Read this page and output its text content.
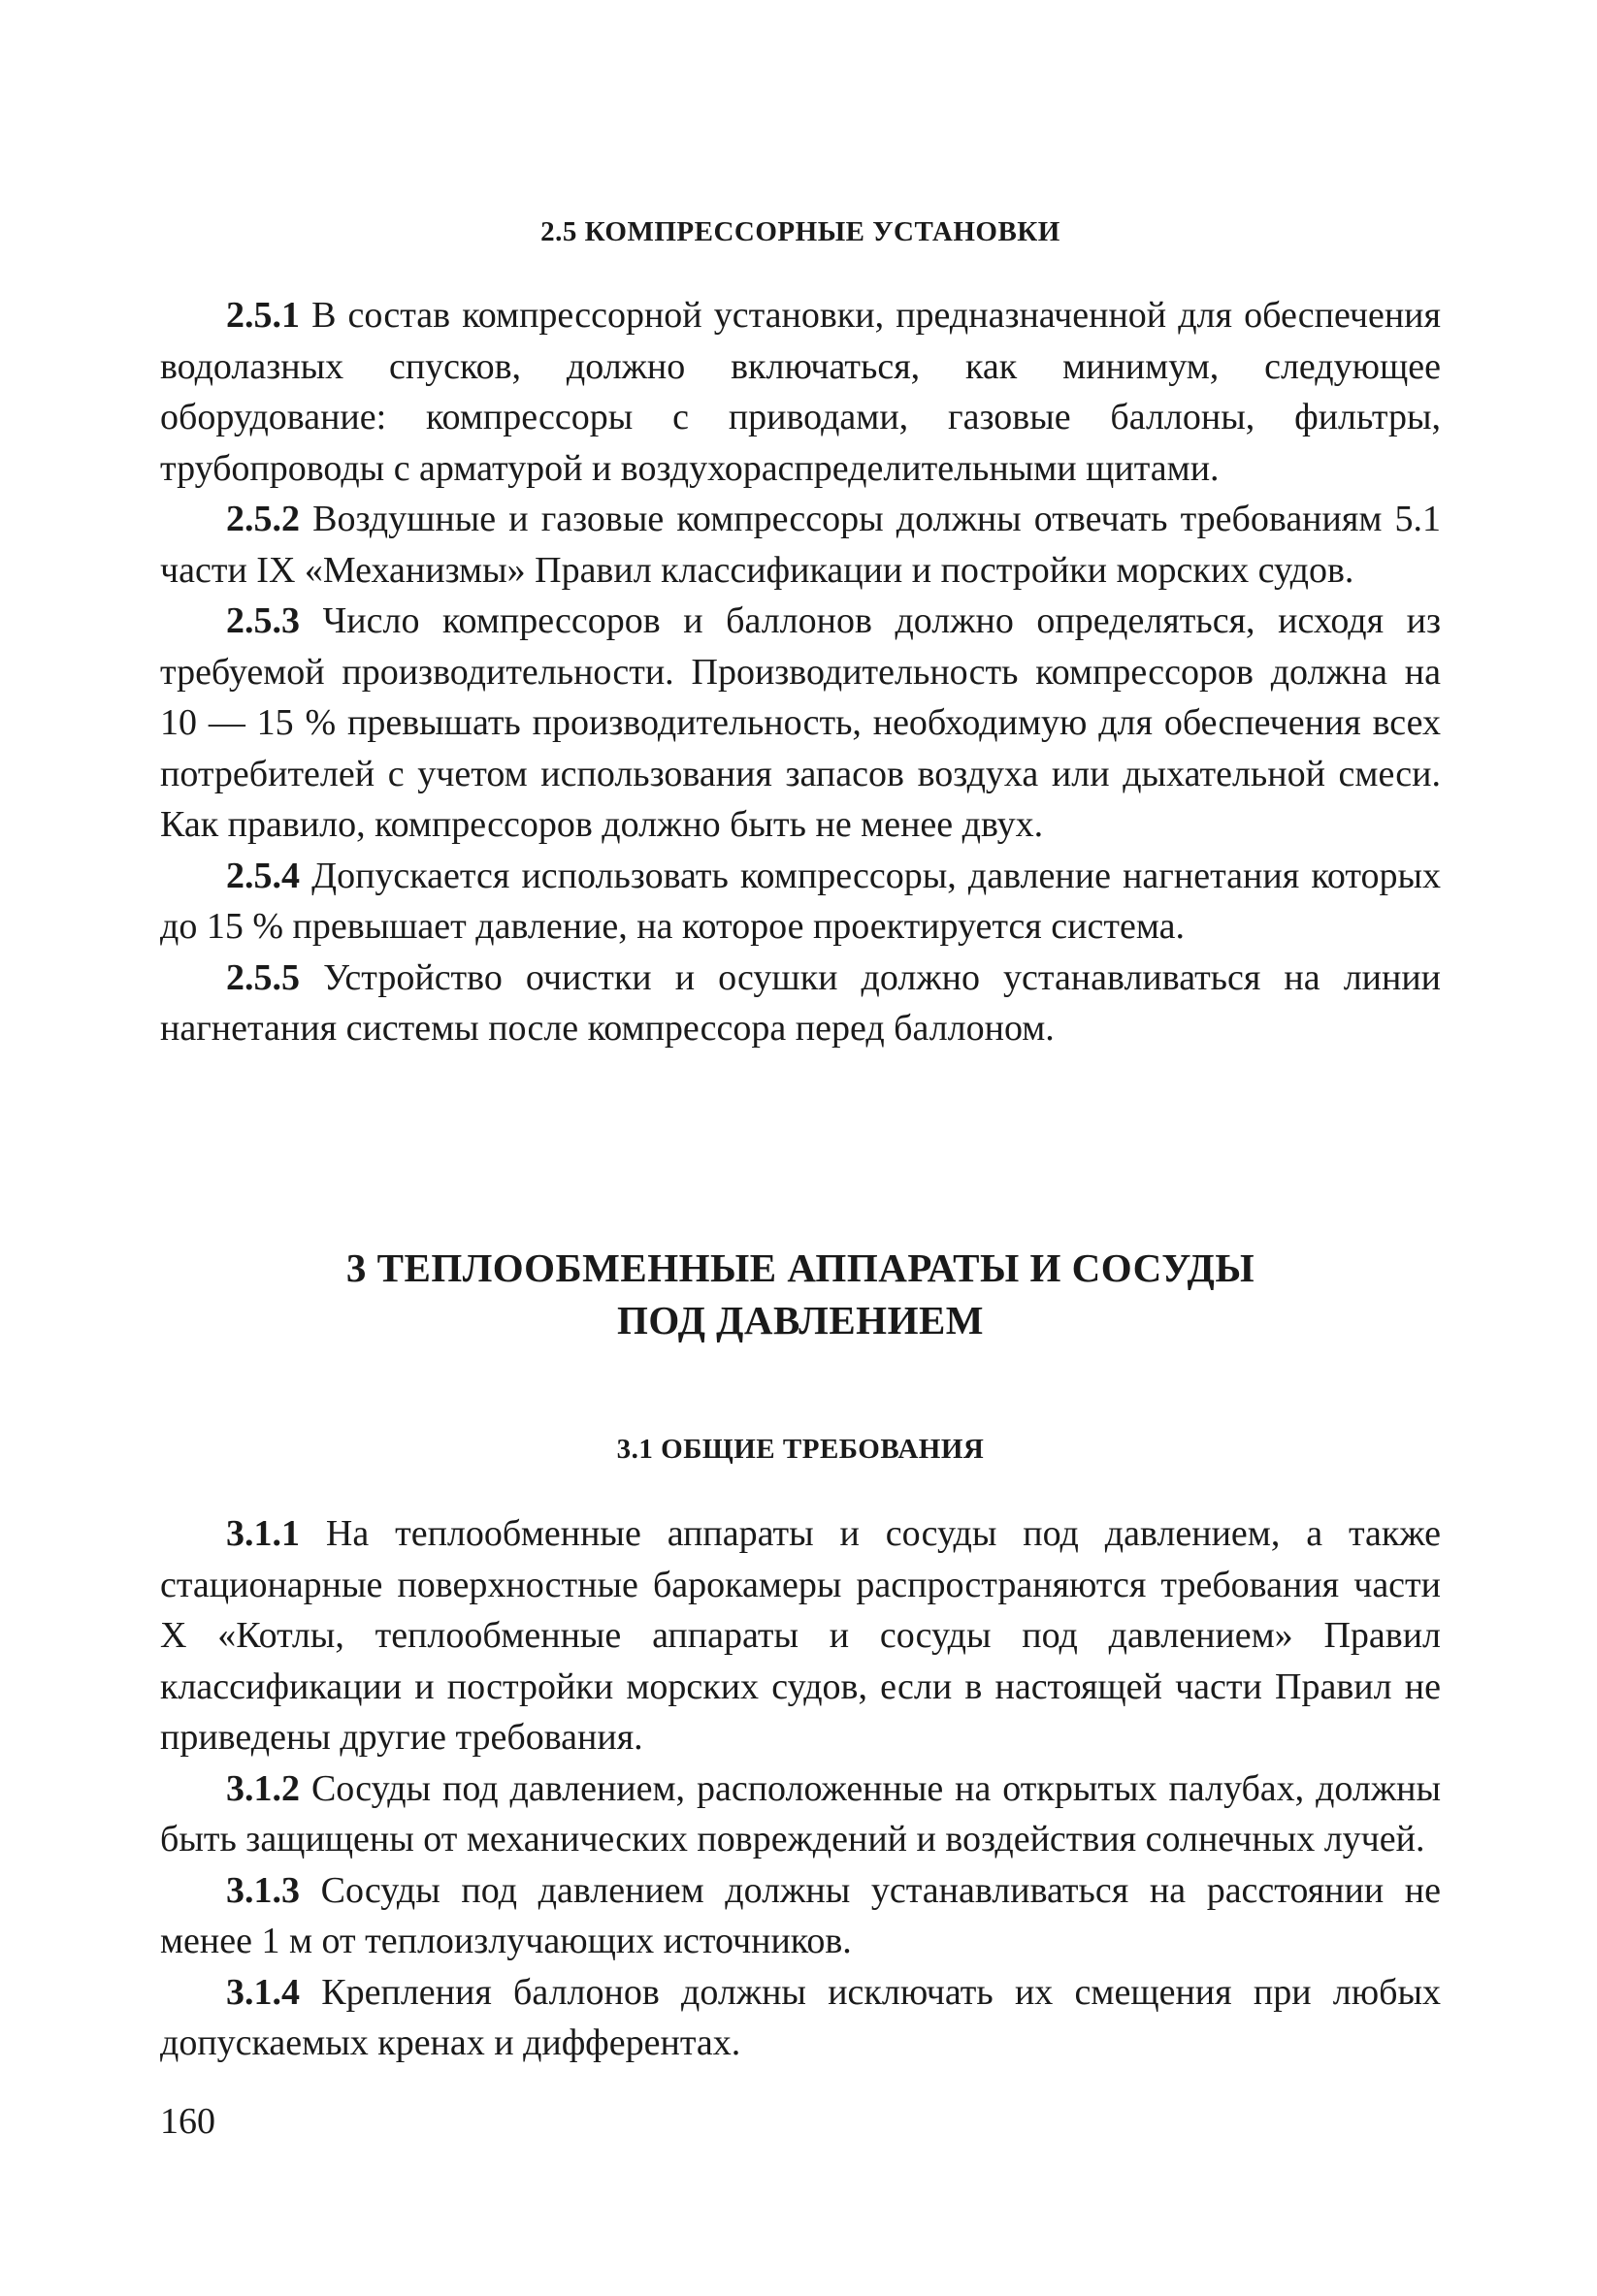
2.5 КОМПРЕССОРНЫЕ УСТАНОВКИ

2.5.1 В состав компрессорной установки, предназначенной для обеспечения водолазных спусков, должно включаться, как минимум, следующее оборудование: компрессоры с приводами, газовые баллоны, фильтры, трубопроводы с арматурой и воздухораспределительными щитами.

2.5.2 Воздушные и газовые компрессоры должны отвечать требованиям 5.1 части IX «Механизмы» Правил классификации и постройки морских судов.

2.5.3 Число компрессоров и баллонов должно определяться, исходя из требуемой производительности. Производительность компрессоров должна на 10 — 15 % превышать производительность, необходимую для обеспечения всех потребителей с учетом использования запасов воздуха или дыхательной смеси. Как правило, компрессоров должно быть не менее двух.

2.5.4 Допускается использовать компрессоры, давление нагнетания которых до 15 % превышает давление, на которое проектируется система.

2.5.5 Устройство очистки и осушки должно устанавливаться на линии нагнетания системы после компрессора перед баллоном.

3 ТЕПЛООБМЕННЫЕ АППАРАТЫ И СОСУДЫ
ПОД ДАВЛЕНИЕМ
3.1 ОБЩИЕ ТРЕБОВАНИЯ

3.1.1 На теплообменные аппараты и сосуды под давлением, а также стационарные поверхностные барокамеры распространяются требования части X «Котлы, теплообменные аппараты и сосуды под давлением» Правил классификации и постройки морских судов, если в настоящей части Правил не приведены другие требования.

3.1.2 Сосуды под давлением, расположенные на открытых палубах, должны быть защищены от механических повреждений и воздействия солнечных лучей.

3.1.3 Сосуды под давлением должны устанавливаться на расстоянии не менее 1 м от теплоизлучающих источников.

3.1.4 Крепления баллонов должны исключать их смещения при любых допускаемых кренах и дифферентах.

160
